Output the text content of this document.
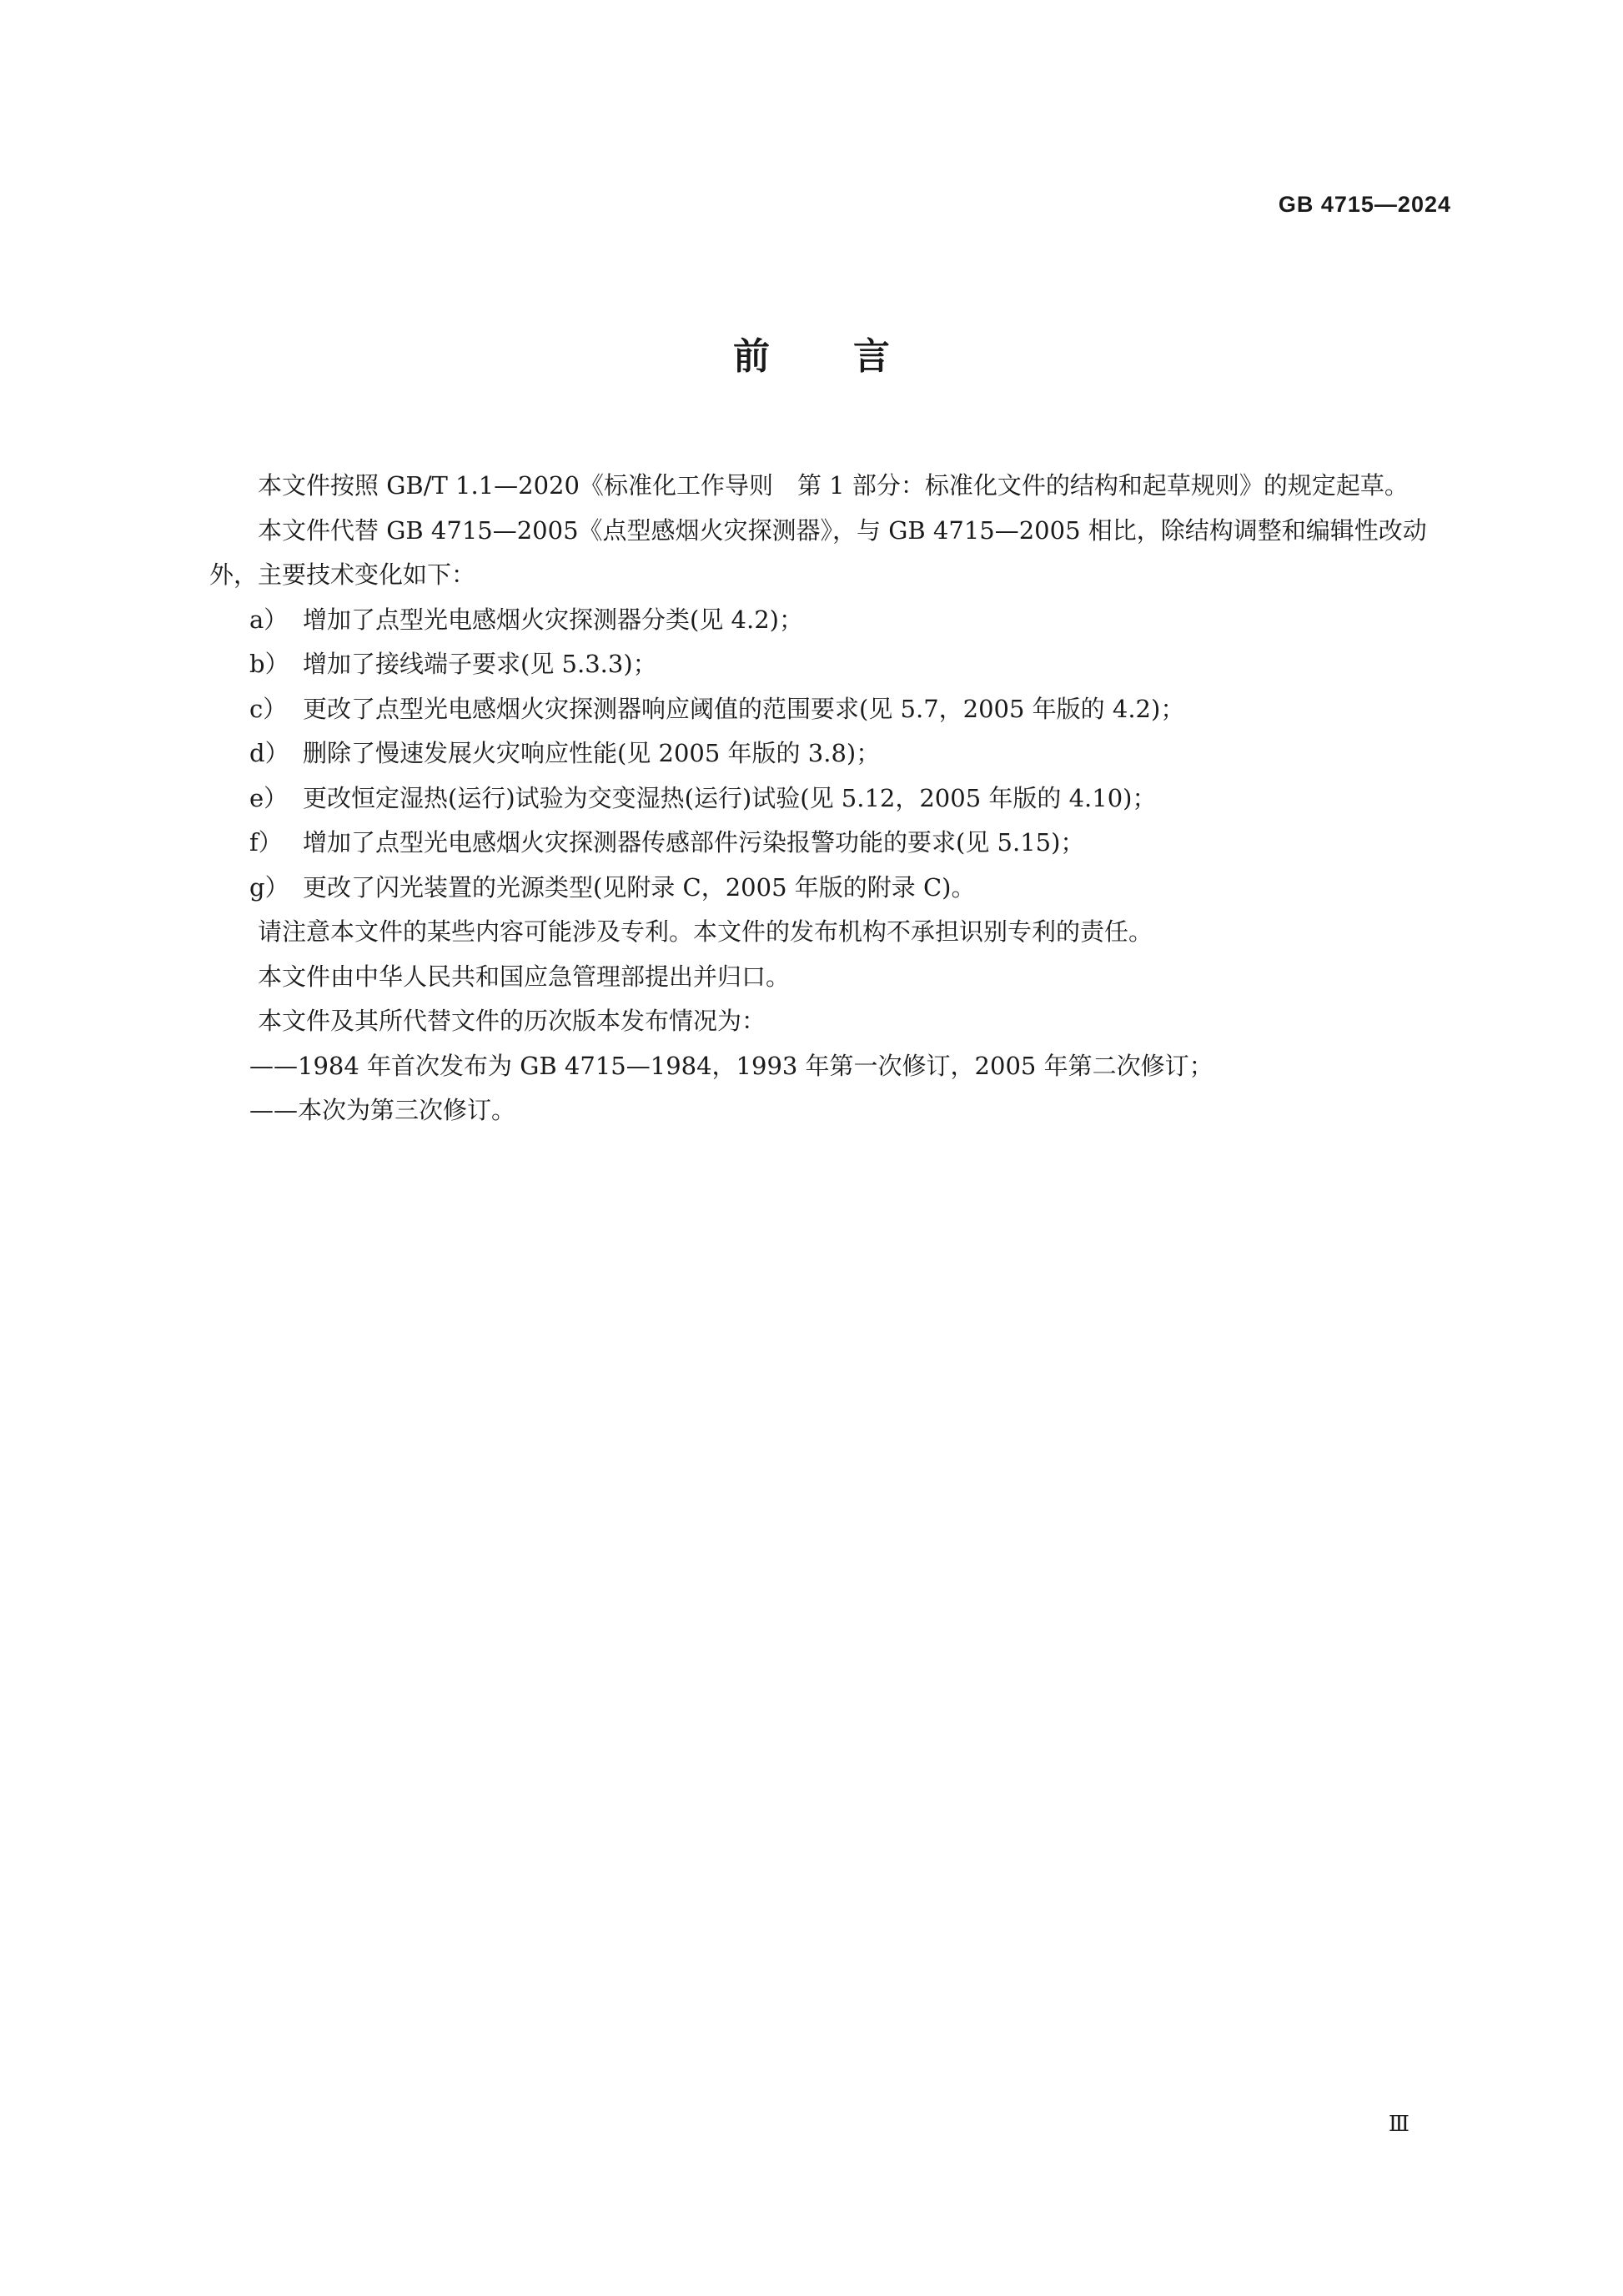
GB 4715—2024
前言

本文件按照 GB/T 1.1—2020《标准化工作导则　第 1 部分：标准化文件的结构和起草规则》的规定起草。

本文件代替 GB 4715—2005《点型感烟火灾探测器》，与 GB 4715—2005 相比，除结构调整和编辑性改动外，主要技术变化如下：

a） 增加了点型光电感烟火灾探测器分类(见 4.2)；

b） 增加了接线端子要求(见 5.3.3)；

c） 更改了点型光电感烟火灾探测器响应阈值的范围要求(见 5.7，2005 年版的 4.2)；

d） 删除了慢速发展火灾响应性能(见 2005 年版的 3.8)；

e） 更改恒定湿热(运行)试验为交变湿热(运行)试验(见 5.12，2005 年版的 4.10)；

f） 增加了点型光电感烟火灾探测器传感部件污染报警功能的要求(见 5.15)；

g） 更改了闪光装置的光源类型(见附录 C，2005 年版的附录 C)。

请注意本文件的某些内容可能涉及专利。本文件的发布机构不承担识别专利的责任。

本文件由中华人民共和国应急管理部提出并归口。

本文件及其所代替文件的历次版本发布情况为：

——1984 年首次发布为 GB 4715—1984，1993 年第一次修订，2005 年第二次修订；

——本次为第三次修订。

Ⅲ
